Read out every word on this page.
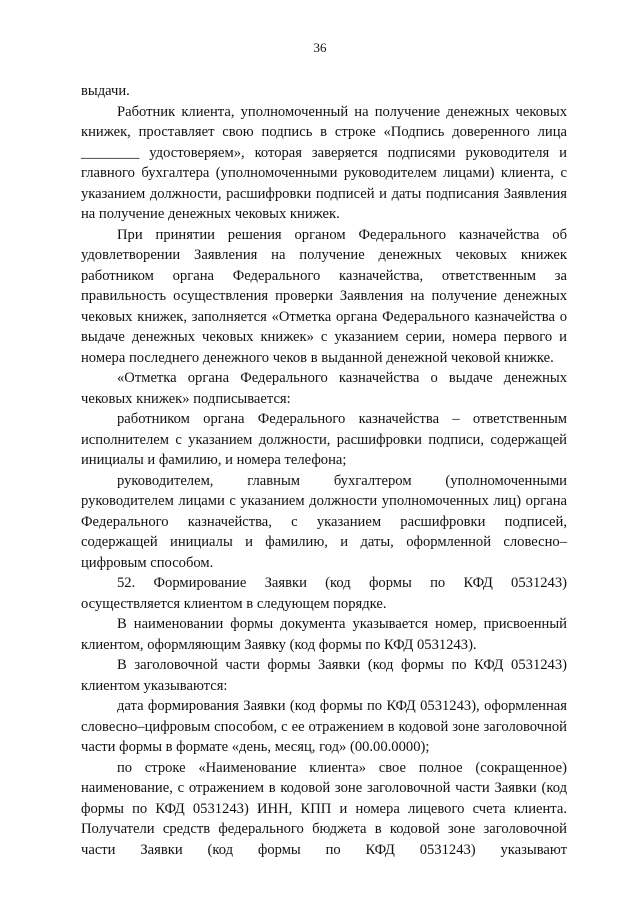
36

выдачи.

Работник клиента, уполномоченный на получение денежных чековых книжек, проставляет свою подпись в строке «Подпись доверенного лица ________ удостоверяем», которая заверяется подписями руководителя и главного бухгалтера (уполномоченными руководителем лицами) клиента, с указанием должности, расшифровки подписей и даты подписания Заявления на получение денежных чековых книжек.

При принятии решения органом Федерального казначейства об удовлетворении Заявления на получение денежных чековых книжек работником органа Федерального казначейства, ответственным за правильность осуществления проверки Заявления на получение денежных чековых книжек, заполняется «Отметка органа Федерального казначейства о выдаче денежных чековых книжек» с указанием серии, номера первого и номера последнего денежного чеков в выданной денежной чековой книжке.

«Отметка органа Федерального казначейства о выдаче денежных чековых книжек» подписывается:

работником органа Федерального казначейства – ответственным исполнителем с указанием должности, расшифровки подписи, содержащей инициалы и фамилию, и номера телефона;

руководителем, главным бухгалтером (уполномоченными руководителем лицами с указанием должности уполномоченных лиц) органа Федерального казначейства, с указанием расшифровки подписей, содержащей инициалы и фамилию, и даты, оформленной словесно–цифровым способом.

52. Формирование Заявки (код формы по КФД 0531243) осуществляется клиентом в следующем порядке.

В наименовании формы документа указывается номер, присвоенный клиентом, оформляющим Заявку (код формы по КФД 0531243).

В заголовочной части формы Заявки (код формы по КФД 0531243) клиентом указываются:

дата формирования Заявки (код формы по КФД 0531243), оформленная словесно–цифровым способом, с ее отражением в кодовой зоне заголовочной части формы в формате «день, месяц, год» (00.00.0000);

по строке «Наименование клиента» свое полное (сокращенное) наименование, с отражением в кодовой зоне заголовочной части Заявки (код формы по КФД 0531243) ИНН, КПП и номера лицевого счета клиента. Получатели средств федерального бюджета в кодовой зоне заголовочной части Заявки (код формы по КФД 0531243) указывают
